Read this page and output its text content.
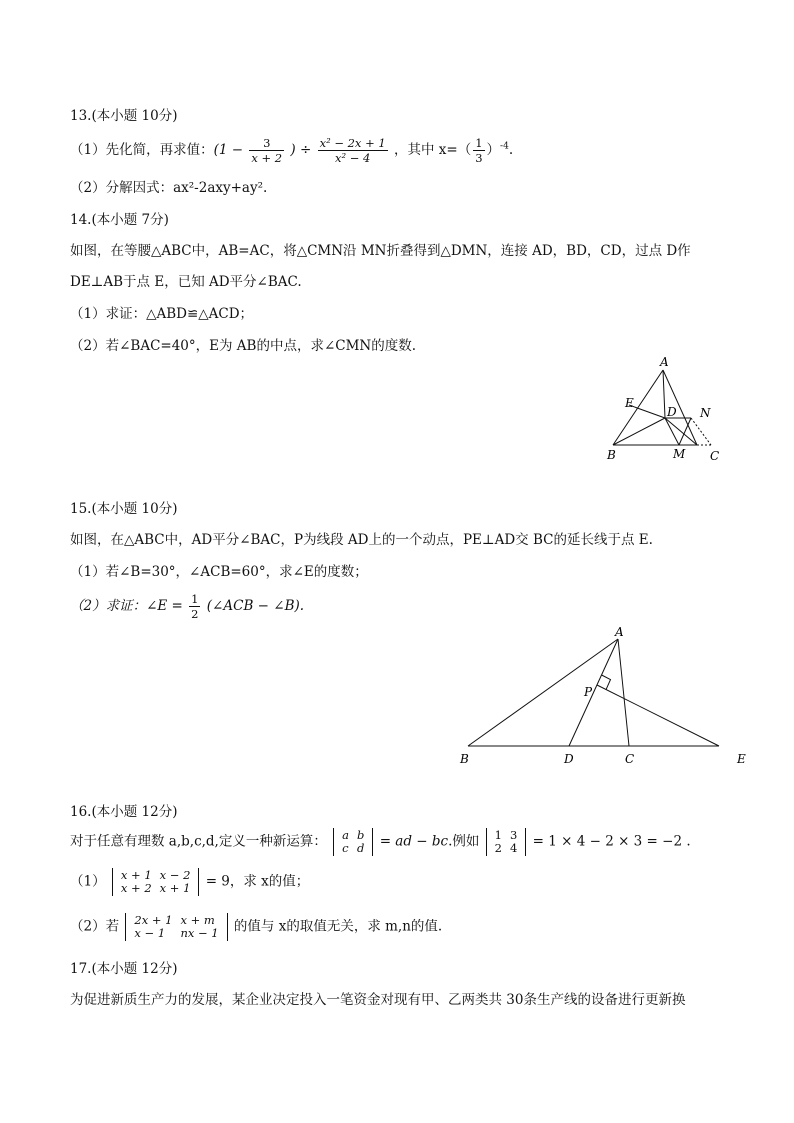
13.(本小题 10分)
（1）先化简，再求值：($1 - \frac{3}{x + 2}$ ) ÷ $\frac{\text{x² − 2x + 1}}{\text{x² − 4}}$ ，其中 $x=( \frac{1}{3} )^{-4}$.
（2）分解因式：ax²-2axy+ay².
14.(本小题 7分)
如图，在等腰△ABC中，AB=AC，将△CMN沿 MN折叠得到△DMN，连接 AD，BD，CD，过点 D作
DE⊥AB于点 E，已知 AD平分∠BAC.
（1）求证：△ABD≌△ACD；
（2）若∠BAC=40°，E为 AB的中点，求∠CMN的度数.
A
B	C
D
E
M
N
15.(本小题 10分)
如图，在△ABC中，AD平分∠BAC，P为线段 AD上的一个动点，PE⊥AD交 BC的延长线于点 E.
（1）若∠B=30°，∠ACB=60°，求∠E的度数；
（2）求证：∠E = $\frac{1}{2}$ (∠ACB − ∠B).
A
B	C
D	E
P
16.(本小题 12分)
对于任意有理数 a,b,c,d,定义一种新运算： a	b
c	d = ad − bc.例如 1	3
2	4 = 1 × 4 − 2 × 3 = −2 .
（1） x + 1	x − 2
x + 2	x + 1 = 9，求 x的值；
（2）若 2x + 1	x + m
x − 1	nx − 1 的值与 x的取值无关，求 m,n的值.
17.(本小题 12分)
为促进新质生产力的发展，某企业决定投入一笔资金对现有甲、乙两类共 30条生产线的设备进行更新换
